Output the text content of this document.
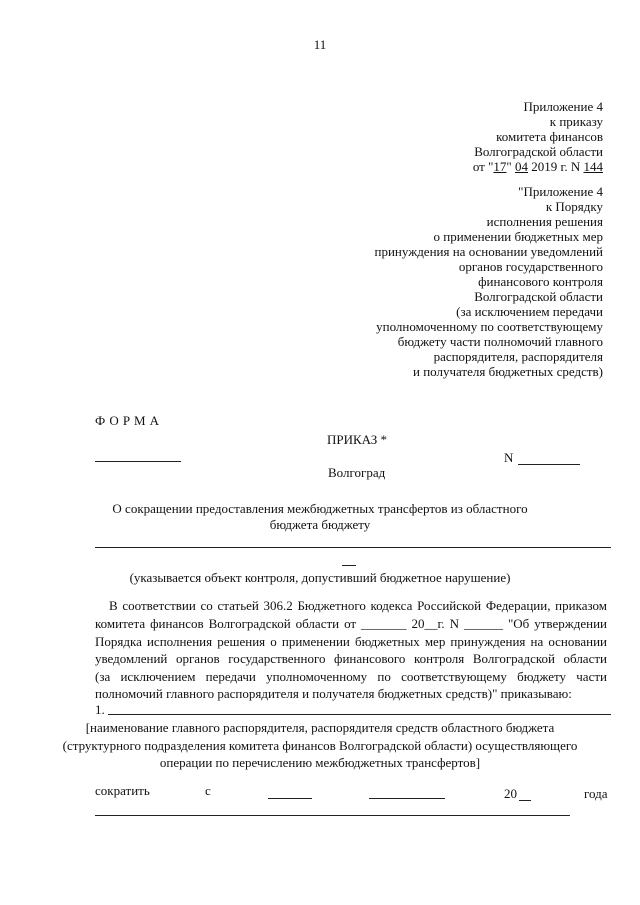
11
Приложение 4
к приказу
комитета финансов
Волгоградской области
от "17" 04 2019 г. N 144
"Приложение 4
к Порядку
исполнения решения
о применении бюджетных мер
принуждения на основании уведомлений
органов государственного
финансового контроля
Волгоградской области
(за исключением передачи
уполномоченному по соответствующему
бюджету части полномочий главного
распорядителя, распорядителя
и получателя бюджетных средств)
ФОРМА
ПРИКАЗ *
N
Волгоград
О сокращении предоставления межбюджетных трансфертов из областного
бюджета бюджету
(указывается объект контроля, допустивший бюджетное нарушение)
В соответствии со статьей 306.2 Бюджетного кодекса Российской Федерации, приказом
комитета финансов Волгоградской области от _______ 20__г. N ______ "Об утверждении
Порядка исполнения решения о применении бюджетных мер принуждения на основании
уведомлений органов государственного финансового контроля Волгоградской области
(за исключением передачи уполномоченному по соответствующему бюджету части
полномочий главного распорядителя и получателя бюджетных средств)" приказываю:
1.
[наименование главного распорядителя, распорядителя средств областного бюджета
(структурного подразделения комитета финансов Волгоградской области) осуществляющего
операции по перечислению межбюджетных трансфертов]
сократить	с	20	года
